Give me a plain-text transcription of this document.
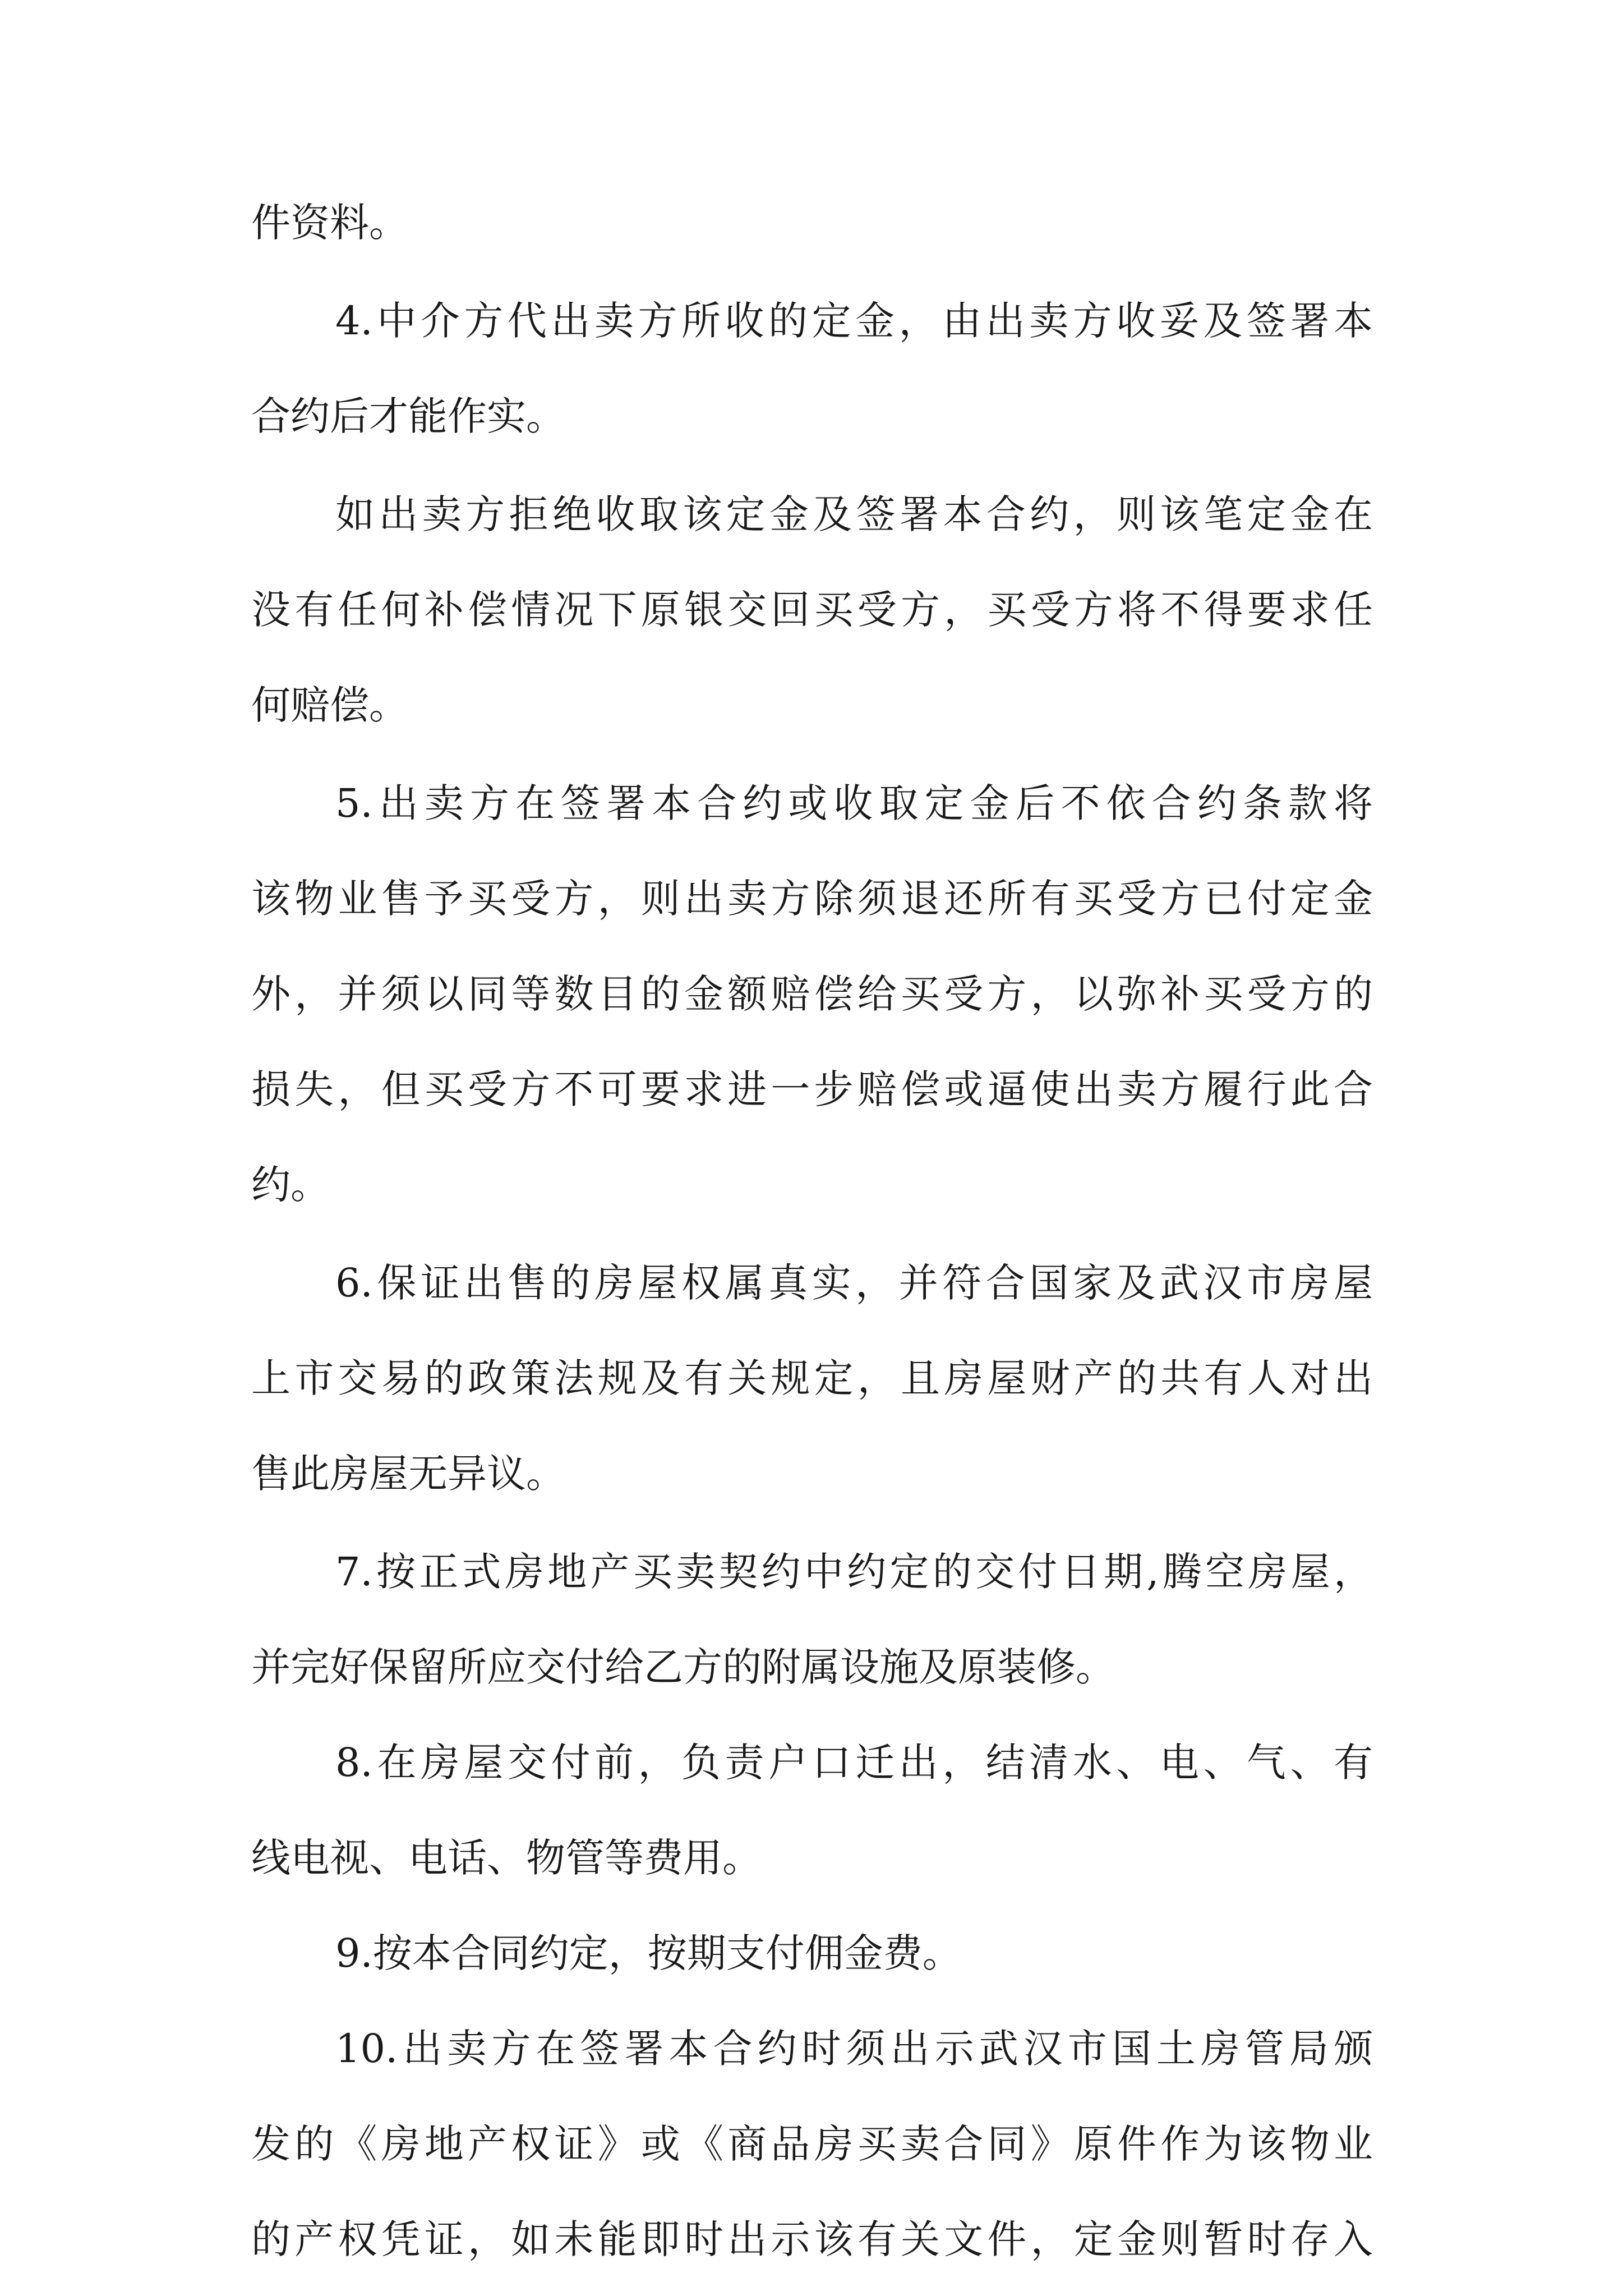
件资料。
4.中介方代出卖方所收的定金，由出卖方收妥及签署本
合约后才能作实。
如出卖方拒绝收取该定金及签署本合约，则该笔定金在
没有任何补偿情况下原银交回买受方，买受方将不得要求任
何赔偿。
5.出卖方在签署本合约或收取定金后不依合约条款将
该物业售予买受方，则出卖方除须退还所有买受方已付定金
外，并须以同等数目的金额赔偿给买受方，以弥补买受方的
损失，但买受方不可要求进一步赔偿或逼使出卖方履行此合
约。
6.保证出售的房屋权属真实，并符合国家及武汉市房屋
上市交易的政策法规及有关规定，且房屋财产的共有人对出
售此房屋无异议。
7.按正式房地产买卖契约中约定的交付日期,腾空房屋，
并完好保留所应交付给乙方的附属设施及原装修。
8.在房屋交付前，负责户口迁出，结清水、电、气、有
线电视、电话、物管等费用。
9.按本合同约定，按期支付佣金费。
10.出卖方在签署本合约时须出示武汉市国土房管局颁
发的《房地产权证》或《商品房买卖合同》原件作为该物业
的产权凭证，如未能即时出示该有关文件，定金则暂时存入
